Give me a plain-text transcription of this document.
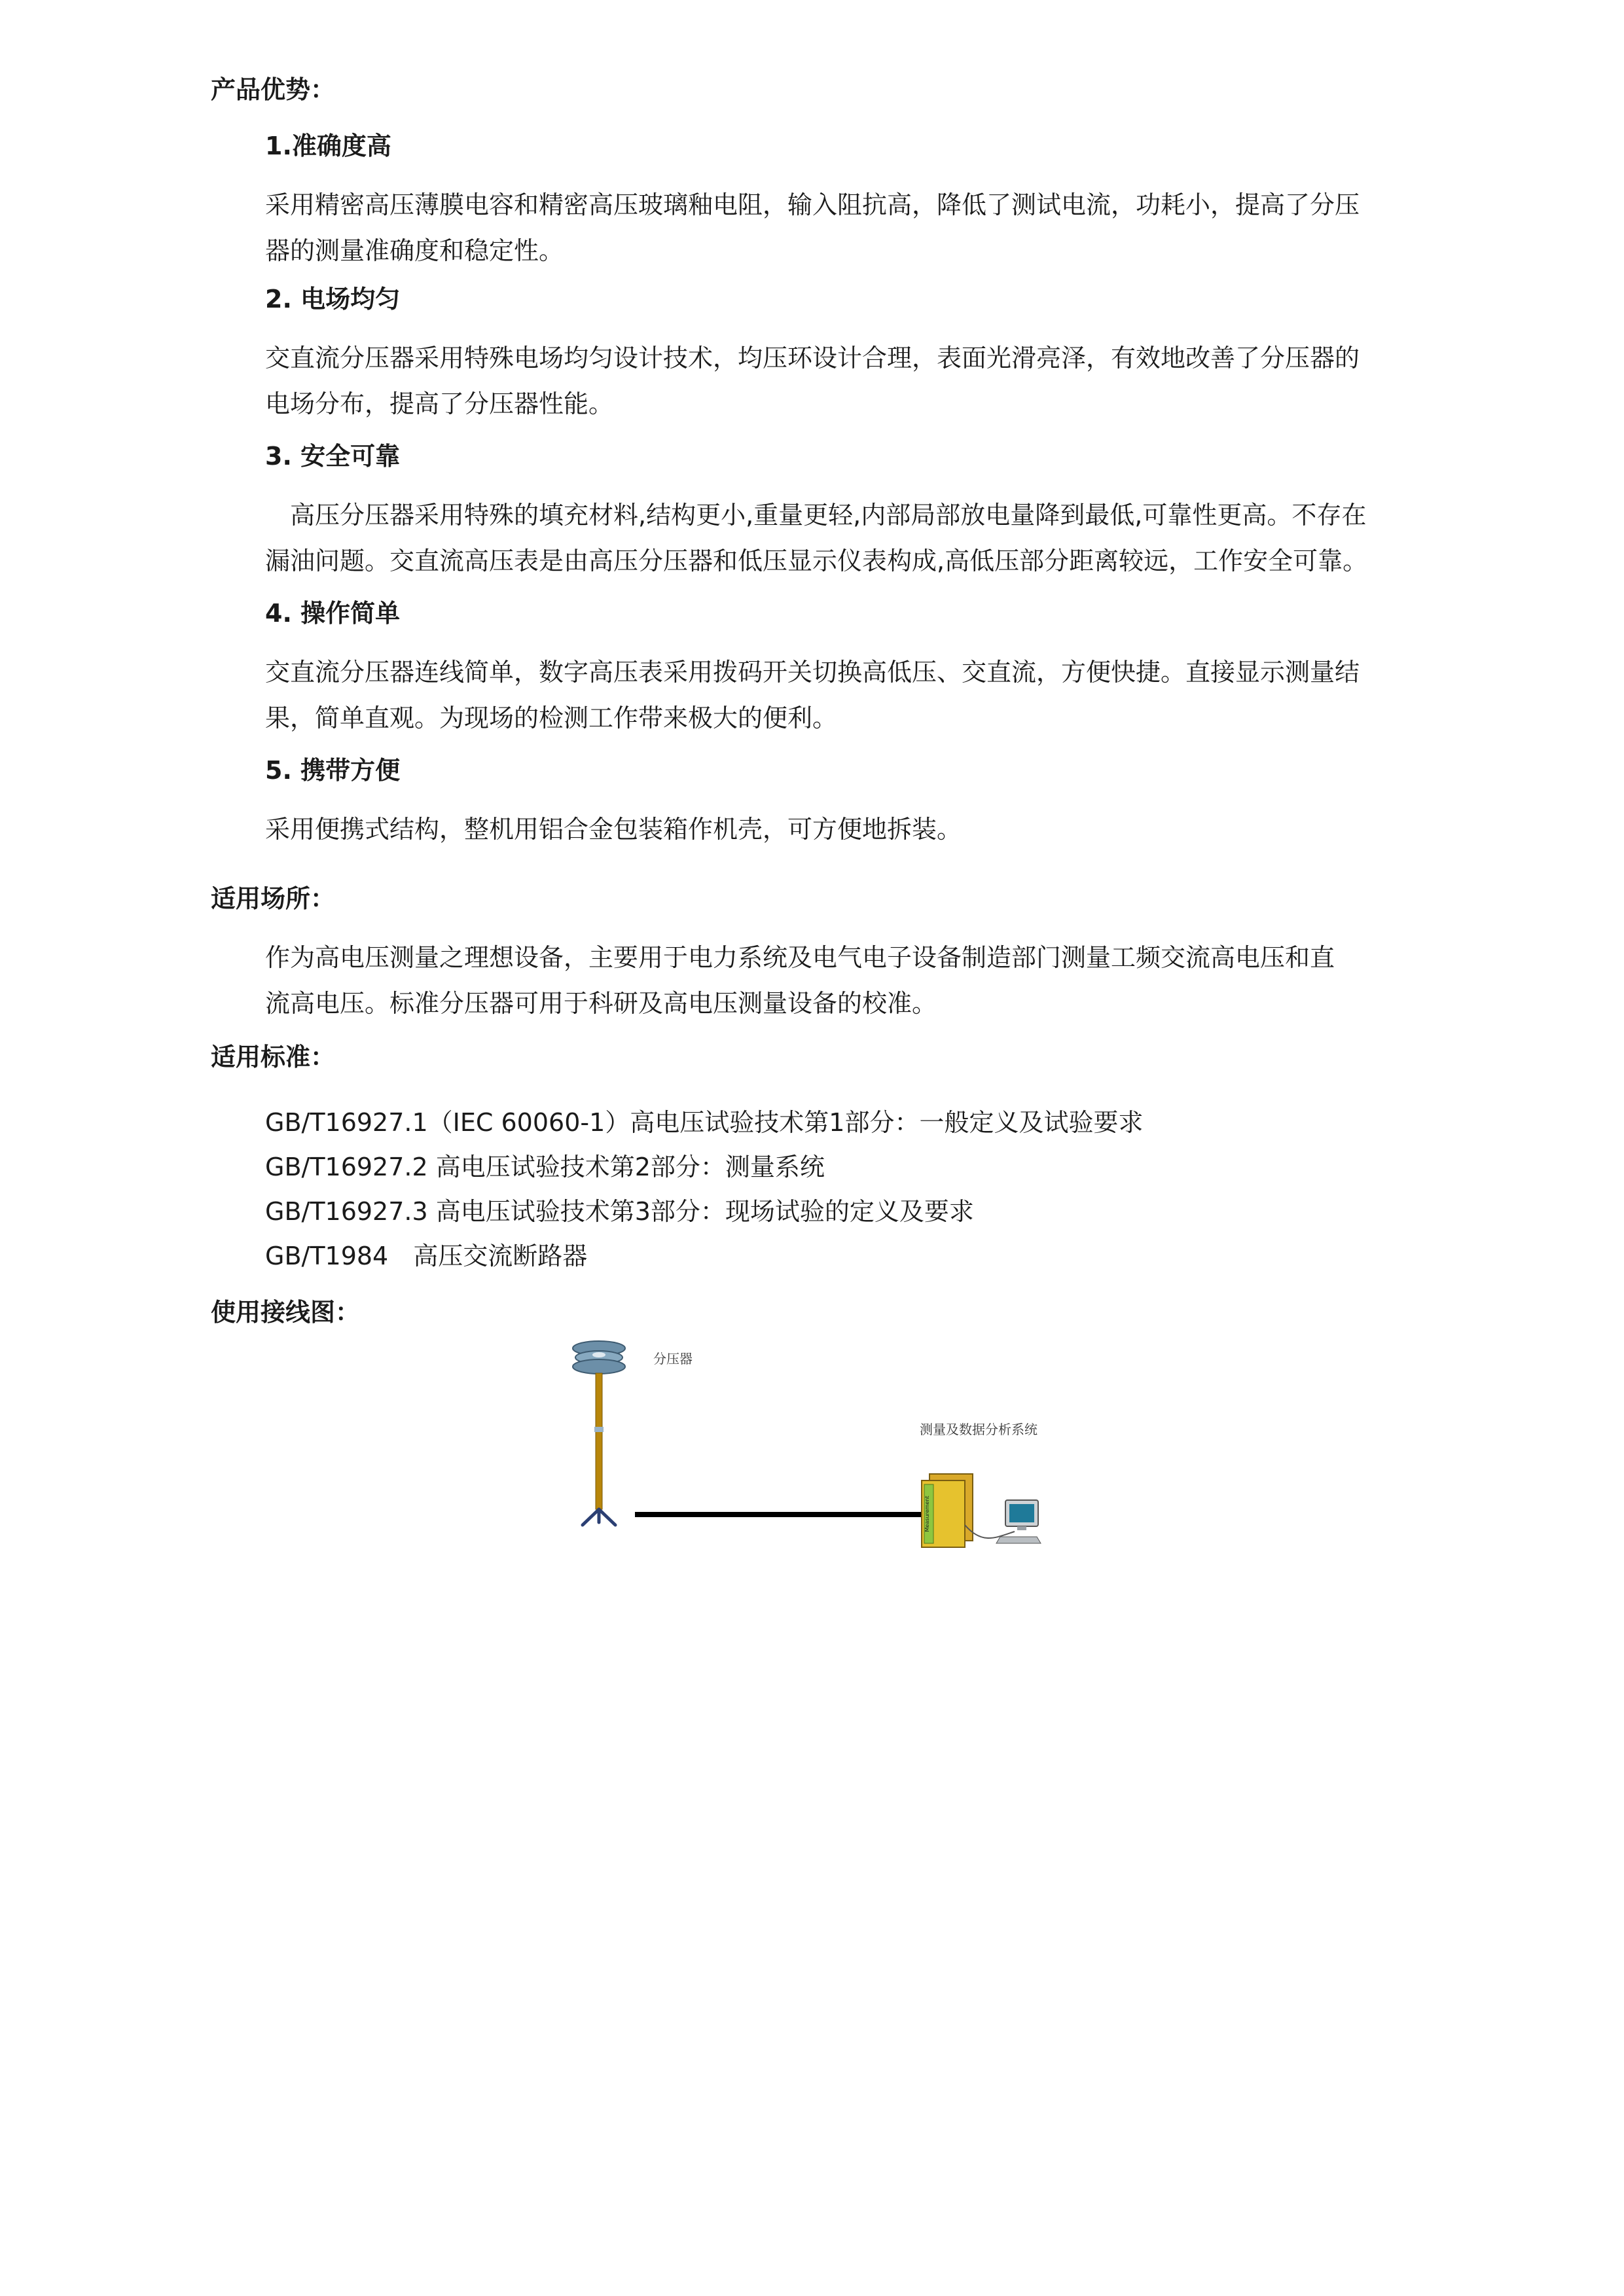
产品优势：
1.准确度高

采用精密高压薄膜电容和精密高压玻璃釉电阻，输入阻抗高，降低了测试电流，功耗小，提高了分压

器的测量准确度和稳定性。

2. 电场均匀

交直流分压器采用特殊电场均匀设计技术，均压环设计合理，表面光滑亮泽，有效地改善了分压器的

电场分布，提高了分压器性能。

3. 安全可靠

高压分压器采用特殊的填充材料,结构更小,重量更轻,内部局部放电量降到最低,可靠性更高。不存在

漏油问题。交直流高压表是由高压分压器和低压显示仪表构成,高低压部分距离较远，工作安全可靠。

4. 操作简单

交直流分压器连线简单，数字高压表采用拨码开关切换高低压、交直流，方便快捷。直接显示测量结

果，简单直观。为现场的检测工作带来极大的便利。

5. 携带方便

采用便携式结构，整机用铝合金包装箱作机壳，可方便地拆装。

适用场所：

作为高电压测量之理想设备，主要用于电力系统及电气电子设备制造部门测量工频交流高电压和直

流高电压。标准分压器可用于科研及高电压测量设备的校准。

适用标准：
GB/T16927.1（IEC 60060-1）高电压试验技术第1部分：一般定义及试验要求
GB/T16927.2 高电压试验技术第2部分：测量系统
GB/T16927.3 高电压试验技术第3部分：现场试验的定义及要求
GB/T1984　高压交流断路器
使用接线图：
分压器
测量及数据分析系统
Measurement
